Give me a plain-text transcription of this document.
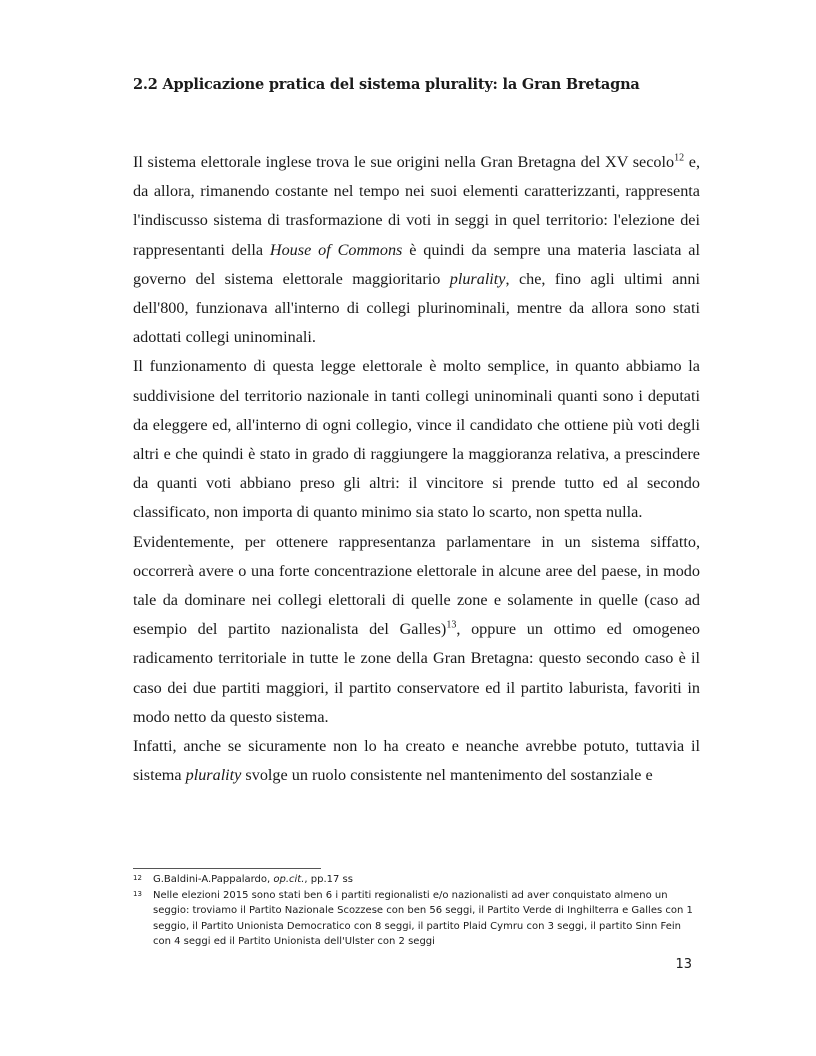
2.2 Applicazione pratica del sistema plurality: la Gran Bretagna

Il sistema elettorale inglese trova le sue origini nella Gran Bretagna del XV secolo$^{12}$ e, da allora, rimanendo costante nel tempo nei suoi elementi caratterizzanti, rappresenta l'indiscusso sistema di trasformazione di voti in seggi in quel territorio: l'elezione dei rappresentanti della House of Commons è quindi da sempre una materia lasciata al governo del sistema elettorale maggioritario plurality, che, fino agli ultimi anni dell'800, funzionava all'interno di collegi plurinominali, mentre da allora sono stati adottati collegi uninominali.

Il funzionamento di questa legge elettorale è molto semplice, in quanto abbiamo la suddivisione del territorio nazionale in tanti collegi uninominali quanti sono i deputati da eleggere ed, all'interno di ogni collegio, vince il candidato che ottiene più voti degli altri e che quindi è stato in grado di raggiungere la maggioranza relativa, a prescindere da quanti voti abbiano preso gli altri: il vincitore si prende tutto ed al secondo classificato, non importa di quanto minimo sia stato lo scarto, non spetta nulla.

Evidentemente, per ottenere rappresentanza parlamentare in un sistema siffatto, occorrerà avere o una forte concentrazione elettorale in alcune aree del paese, in modo tale da dominare nei collegi elettorali di quelle zone e solamente in quelle (caso ad esempio del partito nazionalista del Galles)$^{13}$, oppure un ottimo ed omogeneo radicamento territoriale in tutte le zone della Gran Bretagna: questo secondo caso è il caso dei due partiti maggiori, il partito conservatore ed il partito laburista, favoriti in modo netto da questo sistema.

Infatti, anche se sicuramente non lo ha creato e neanche avrebbe potuto, tuttavia il sistema plurality svolge un ruolo consistente nel mantenimento del sostanziale e

12	G.Baldini-A.Pappalardo, op.cit., pp.17 ss
13	Nelle elezioni 2015 sono stati ben 6 i partiti regionalisti e/o nazionalisti ad aver conquistato almeno un seggio: troviamo il Partito Nazionale Scozzese con ben 56 seggi, il Partito Verde di Inghilterra e Galles con 1 seggio, il Partito Unionista Democratico con 8 seggi, il partito Plaid Cymru con 3 seggi, il partito Sinn Fein con 4 seggi ed il Partito Unionista dell'Ulster con 2 seggi
13
